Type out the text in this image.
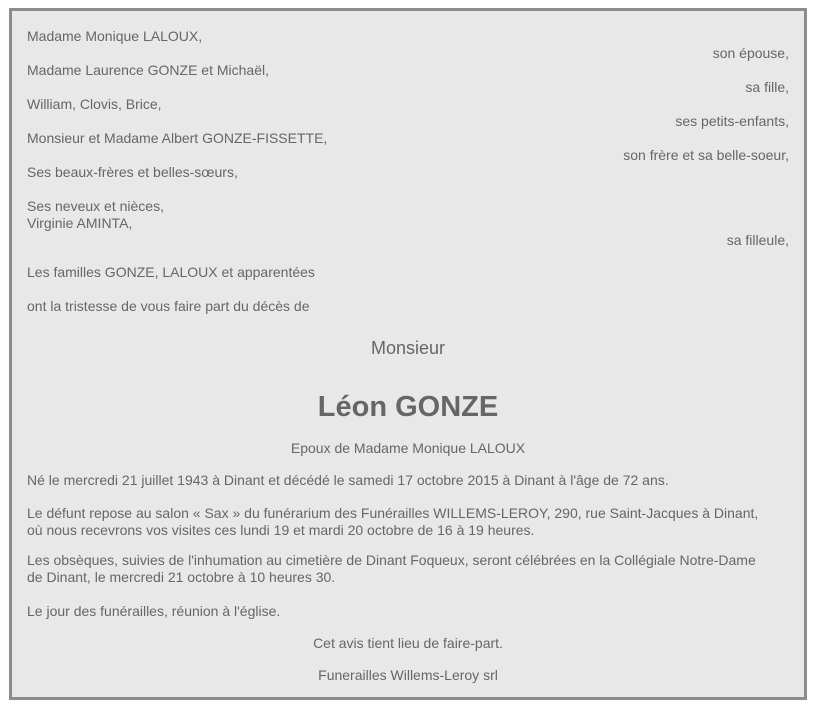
Madame Monique LALOUX,
son épouse,
Madame Laurence GONZE et Michaël,
sa fille,
William, Clovis, Brice,
ses petits-enfants,
Monsieur et Madame Albert GONZE-FISSETTE,
son frère et sa belle-soeur,
Ses beaux-frères et belles-sœurs,
Ses neveux et nièces,
Virginie AMINTA,
sa filleule,
Les familles GONZE, LALOUX et apparentées
ont la tristesse de vous faire part du décès de
Monsieur
Léon GONZE
Epoux de Madame Monique LALOUX
Né le mercredi 21 juillet 1943 à Dinant et décédé le samedi 17 octobre 2015 à Dinant à l'âge de 72 ans.
Le défunt repose au salon « Sax » du funérarium des Funérailles WILLEMS-LEROY, 290, rue Saint-Jacques à Dinant,
où nous recevrons vos visites ces lundi 19 et mardi 20 octobre de 16 à 19 heures.
Les obsèques, suivies de l'inhumation au cimetière de Dinant Foqueux, seront célébrées en la Collégiale Notre-Dame
de Dinant, le mercredi 21 octobre à 10 heures 30.
Le jour des funérailles, réunion à l'église.
Cet avis tient lieu de faire-part.
Funerailles Willems-Leroy srl
